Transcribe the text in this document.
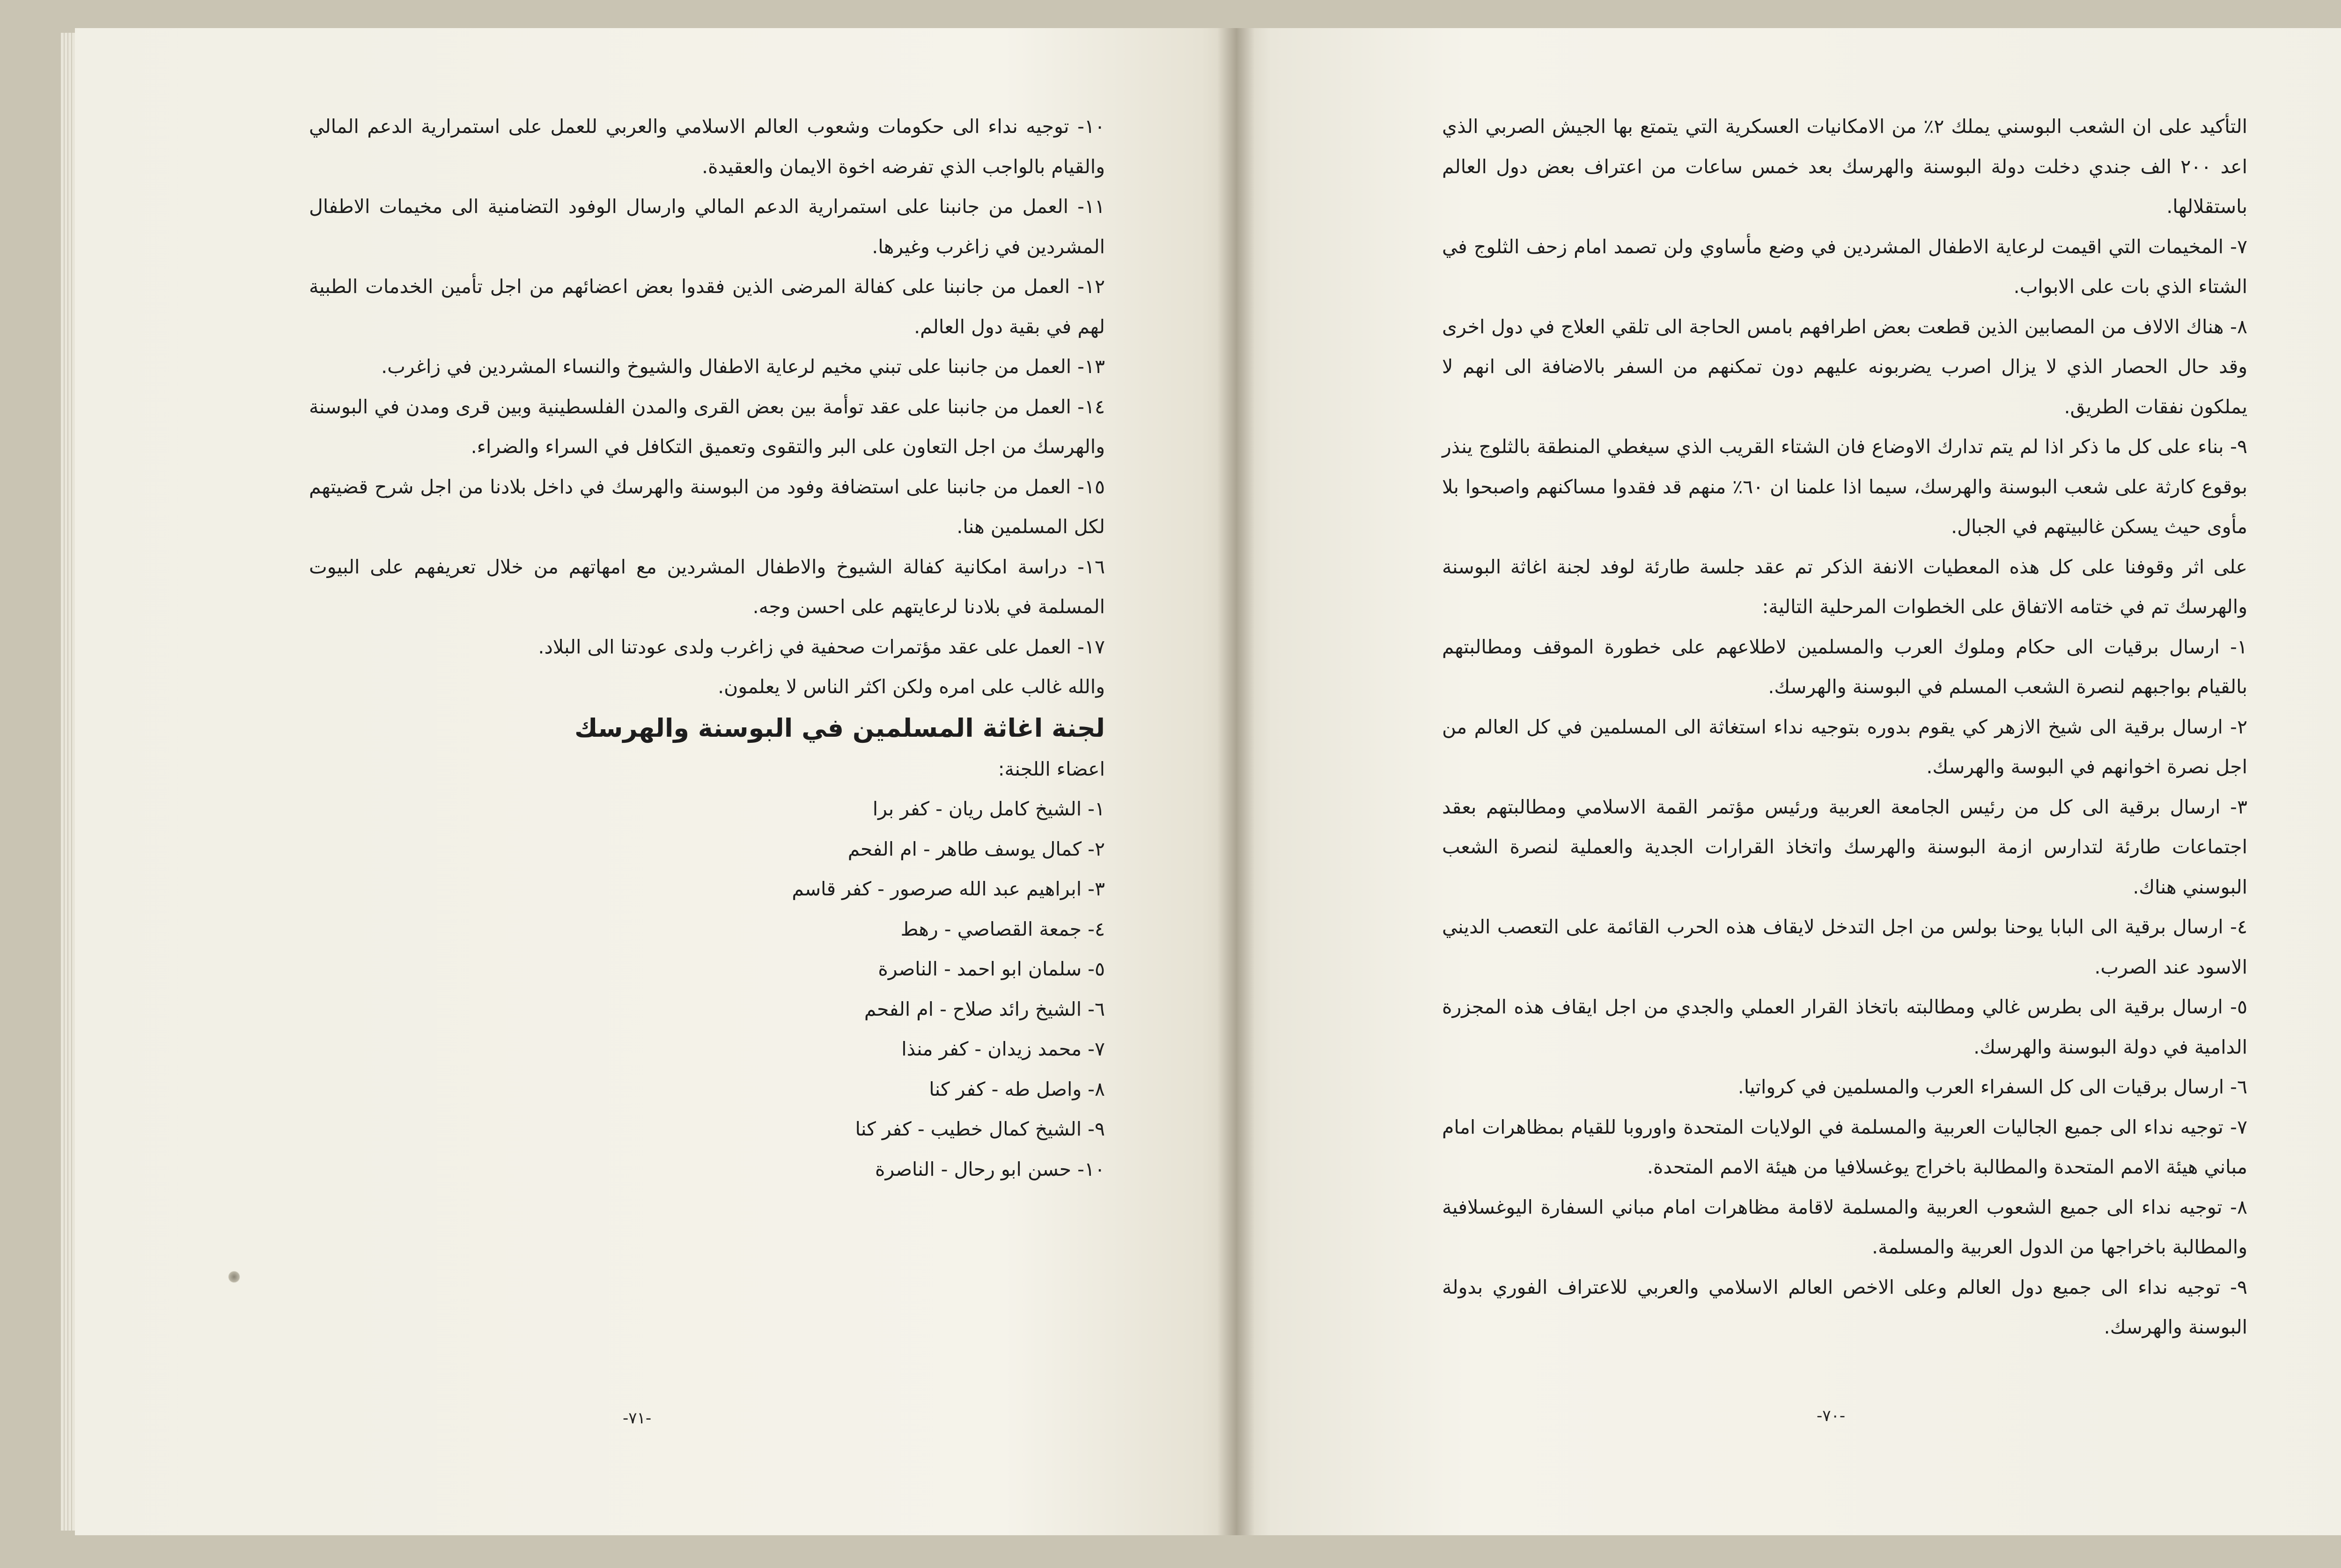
١٠- توجيه نداء الى حكومات وشعوب العالم الاسلامي والعربي للعمل على استمرارية الدعم المالي والقيام بالواجب الذي تفرضه اخوة الايمان والعقيدة.

١١- العمل من جانبنا على استمرارية الدعم المالي وارسال الوفود التضامنية الى مخيمات الاطفال المشردين في زاغرب وغيرها.

١٢- العمل من جانبنا على كفالة المرضى الذين فقدوا بعض اعضائهم من اجل تأمين الخدمات الطبية لهم في بقية دول العالم.

١٣- العمل من جانبنا على تبني مخيم لرعاية الاطفال والشيوخ والنساء المشردين في زاغرب.

١٤- العمل من جانبنا على عقد توأمة بين بعض القرى والمدن الفلسطينية وبين قرى ومدن في البوسنة والهرسك من اجل التعاون على البر والتقوى وتعميق التكافل في السراء والضراء.

١٥- العمل من جانبنا على استضافة وفود من البوسنة والهرسك في داخل بلادنا من اجل شرح قضيتهم لكل المسلمين هنا.

١٦- دراسة امكانية كفالة الشيوخ والاطفال المشردين مع امهاتهم من خلال تعريفهم على البيوت المسلمة في بلادنا لرعايتهم على احسن وجه.

١٧- العمل على عقد مؤتمرات صحفية في زاغرب ولدى عودتنا الى البلاد.

والله غالب على امره ولكن اكثر الناس لا يعلمون.

لجنة اغاثة المسلمين في البوسنة والهرسك

اعضاء اللجنة:

١- الشيخ كامل ريان - كفر برا

٢- كمال يوسف طاهر - ام الفحم

٣- ابراهيم عبد الله صرصور - كفر قاسم

٤- جمعة القصاصي - رهط

٥- سلمان ابو احمد - الناصرة

٦- الشيخ رائد صلاح - ام الفحم

٧- محمد زيدان - كفر منذا

٨- واصل طه - كفر كنا

٩- الشيخ كمال خطيب - كفر كنا

١٠- حسن ابو رحال - الناصرة

التأكيد على ان الشعب البوسني يملك ٢٪ من الامكانيات العسكرية التي يتمتع بها الجيش الصربي الذي اعد ٢٠٠ الف جندي دخلت دولة البوسنة والهرسك بعد خمس ساعات من اعتراف بعض دول العالم باستقلالها.

٧- المخيمات التي اقيمت لرعاية الاطفال المشردين في وضع مأساوي ولن تصمد امام زحف الثلوج في الشتاء الذي بات على الابواب.

٨- هناك الالاف من المصابين الذين قطعت بعض اطرافهم بامس الحاجة الى تلقي العلاج في دول اخرى وقد حال الحصار الذي لا يزال اصرب يضربونه عليهم دون تمكنهم من السفر بالاضافة الى انهم لا يملكون نفقات الطريق.

٩- بناء على كل ما ذكر اذا لم يتم تدارك الاوضاع فان الشتاء القريب الذي سيغطي المنطقة بالثلوج ينذر بوقوع كارثة على شعب البوسنة والهرسك، سيما اذا علمنا ان ٦٠٪ منهم قد فقدوا مساكنهم واصبحوا بلا مأوى حيث يسكن غالبيتهم في الجبال.

على اثر وقوفنا على كل هذه المعطيات الانفة الذكر تم عقد جلسة طارئة لوفد لجنة اغاثة البوسنة والهرسك تم في ختامه الاتفاق على الخطوات المرحلية التالية:

١- ارسال برقيات الى حكام وملوك العرب والمسلمين لاطلاعهم على خطورة الموقف ومطالبتهم بالقيام بواجبهم لنصرة الشعب المسلم في البوسنة والهرسك.

٢- ارسال برقية الى شيخ الازهر كي يقوم بدوره بتوجيه نداء استغاثة الى المسلمين في كل العالم من اجل نصرة اخوانهم في البوسة والهرسك.

٣- ارسال برقية الى كل من رئيس الجامعة العربية ورئيس مؤتمر القمة الاسلامي ومطالبتهم بعقد اجتماعات طارئة لتدارس ازمة البوسنة والهرسك واتخاذ القرارات الجدية والعملية لنصرة الشعب البوسني هناك.

٤- ارسال برقية الى البابا يوحنا بولس من اجل التدخل لايقاف هذه الحرب القائمة على التعصب الديني الاسود عند الصرب.

٥- ارسال برقية الى بطرس غالي ومطالبته باتخاذ القرار العملي والجدي من اجل ايقاف هذه المجزرة الدامية في دولة البوسنة والهرسك.

٦- ارسال برقيات الى كل السفراء العرب والمسلمين في كرواتيا.

٧- توجيه نداء الى جميع الجاليات العربية والمسلمة في الولايات المتحدة واوروبا للقيام بمظاهرات امام مباني هيئة الامم المتحدة والمطالبة باخراج يوغسلافيا من هيئة الامم المتحدة.

٨- توجيه نداء الى جميع الشعوب العربية والمسلمة لاقامة مظاهرات امام مباني السفارة اليوغسلافية والمطالبة باخراجها من الدول العربية والمسلمة.

٩- توجيه نداء الى جميع دول العالم وعلى الاخص العالم الاسلامي والعربي للاعتراف الفوري بدولة البوسنة والهرسك.

-٧١-	-٧٠-
